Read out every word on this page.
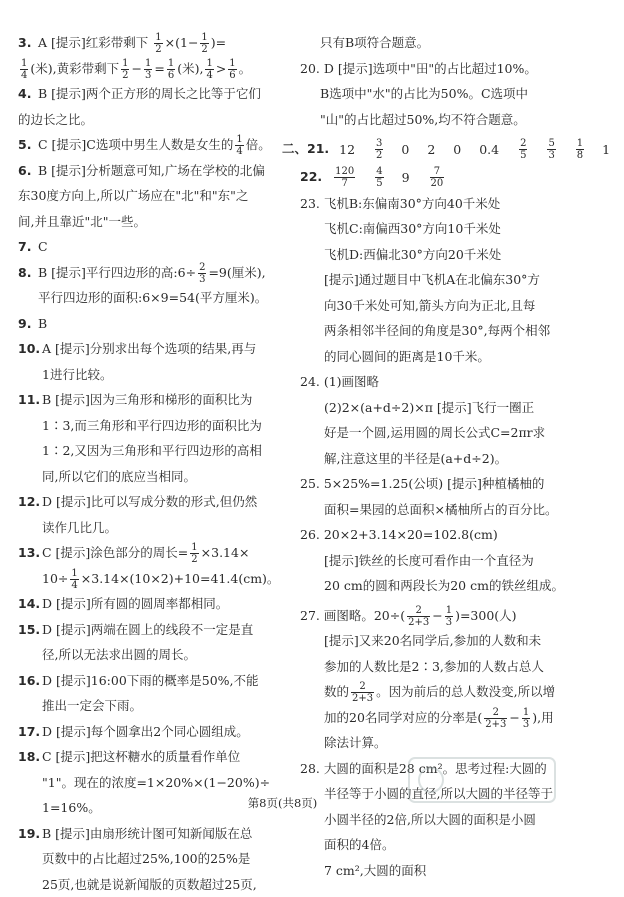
3. A [提示]红彩带剩下 $\frac{1}{2} \times(1- \frac{1}{2}$ )=
$\frac{1}{4}$ (米),黄彩带剩下 $\frac{1}{2} - \frac{1}{3} = \frac{1}{6}$ (米), $\frac{1}{4} > \frac{1}{6}$ 。
4. B [提示]两个正方形的周长之比等于它们
的边长之比。
5. C [提示]C选项中男生人数是女生的 $\frac{1}{4}$ 倍。
6. B [提示]分析题意可知,广场在学校的北偏
东30度方向上,所以广场应在"北"和"东"之
间,并且靠近"北"一些。
7. C
8. B [提示]平行四边形的高:6÷ $\frac{2}{3} =9$(厘米),
平行四边形的面积:6×9=54(平方厘米)。
9. B
10. A [提示]分别求出每个选项的结果,再与
1进行比较。
11. B [提示]因为三角形和梯形的面积比为
1∶3,而三角形和平行四边形的面积比为
1∶2,又因为三角形和平行四边形的高相
同,所以它们的底应当相同。
12. D [提示]比可以写成分数的形式,但仍然
读作几比几。
13. C [提示]涂色部分的周长= $\frac{1}{2} \times 3.14\times$
$10\div \frac{1}{4} \times 3.14\times(10\times 2)+10=41.4(cm)$。
14. D [提示]所有圆的圆周率都相同。
15. D [提示]两端在圆上的线段不一定是直
径,所以无法求出圆的周长。
16. D [提示]16:00下雨的概率是50%,不能
推出一定会下雨。
17. D [提示]每个圆拿出2个同心圆组成。
18. C [提示]把这杯糖水的质量看作单位
"1"。现在的浓度=1×20%×(1−20%)÷
1=16%。
19. B [提示]由扇形统计图可知新闻版在总
页数中的占比超过25%,100的25%是
25页,也就是说新闻版的页数超过25页,
只有B项符合题意。
20. D [提示]选项中"田"的占比超过10%。
B选项中"水"的占比为50%。C选项中
"山"的占比超过50%,均不符合题意。
二、21. $12 \frac{3}{2} 0$ 2 0 $0.4 \frac{2}{5}$
$\frac{5}{3}$
$\frac{1}{8} 1$
22. $\frac{120}{7}$
$\frac{4}{5} 9 \frac{7}{20}$
23. 飞机B:东偏南30°方向40千米处
飞机C:南偏西30°方向10千米处
飞机D:西偏北30°方向20千米处
[提示]通过题目中飞机A在北偏东30°方
向30千米处可知,箭头方向为正北,且每
两条相邻半径间的角度是30°,每两个相邻
的同心圆间的距离是10千米。
24. (1)画图略
(2)2×(a+d÷2)×π [提示]飞行一圈正
好是一个圆,运用圆的周长公式C=2πr求
解,注意这里的半径是(a+d÷2)。
25. 5×25%=1.25(公顷) [提示]种植橘柚的
面积=果园的总面积×橘柚所占的百分比。
26. 20×2+3.14×20=102.8(cm)
[提示]铁丝的长度可看作由一个直径为
20 cm的圆和两段长为20 cm的铁丝组成。
27. 画图略。$20\div( \frac{2}{2+3} - \frac{1}{3} )=300$(人)
[提示]又来20名同学后,参加的人数和未
参加的人数比是2∶3,参加的人数占总人
数的 $\frac{2}{2+3}$ 。因为前后的总人数没变,所以增
加的20名同学对应的分率是( $\frac{2}{2+3} - \frac{1}{3}$ ),用
除法计算。
28. 大圆的面积是28 cm²。思考过程:大圆的
半径等于小圆的直径,所以大圆的半径等于
小圆半径的2倍,所以大圆的面积是小圆
面积的4倍。
7 cm²,大圆的面积
第8页(共8页)
